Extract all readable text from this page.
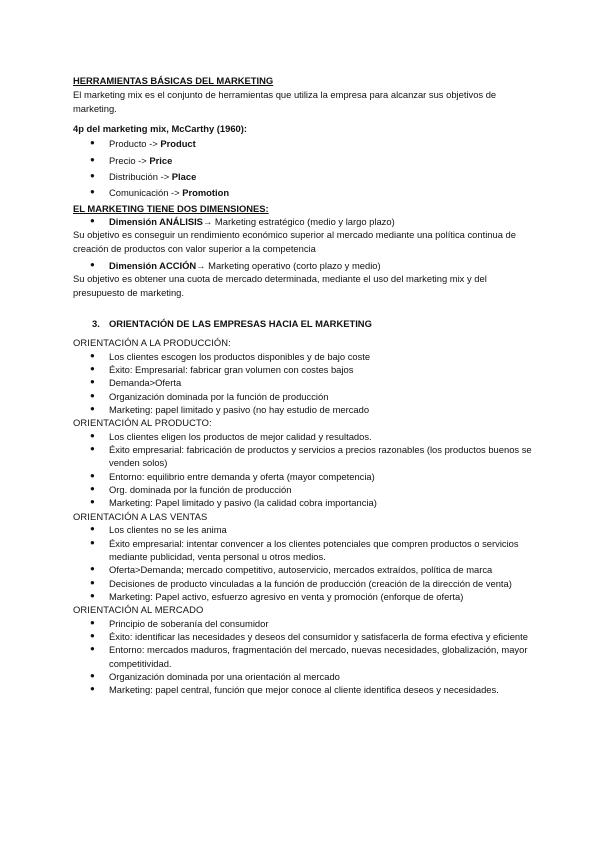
HERRAMIENTAS BÁSICAS DEL MARKETING

El marketing mix es el conjunto de herramientas que utiliza la empresa para alcanzar sus objetivos de marketing.

4p del marketing mix, McCarthy (1960):

● Producto -> Product
● Precio -> Price
● Distribución -> Place
● Comunicación -> Promotion

EL MARKETING TIENE DOS DIMENSIONES:

● Dimensión ANÁLISIS→ Marketing estratégico (medio y largo plazo)

Su objetivo es conseguir un rendimiento económico superior al mercado mediante una política continua de creación de productos con valor superior a la competencia

● Dimensión ACCIÓN→ Marketing operativo (corto plazo y medio)

Su objetivo es obtener una cuota de mercado determinada, mediante el uso del marketing mix y del presupuesto de marketing.

3. ORIENTACIÓN DE LAS EMPRESAS HACIA EL MARKETING

ORIENTACIÓN A LA PRODUCCIÓN:

● Los clientes escogen los productos disponibles y de bajo coste
● Éxito: Empresarial: fabricar gran volumen con costes bajos
● Demanda>Oferta
● Organización dominada por la función de producción
● Marketing: papel limitado y pasivo (no hay estudio de mercado

ORIENTACIÓN AL PRODUCTO:

● Los clientes eligen los productos de mejor calidad y resultados.
● Éxito empresarial: fabricación de productos y servicios a precios razonables (los productos buenos se venden solos)
● Entorno: equilibrio entre demanda y oferta (mayor competencia)
● Org. dominada por la función de producción
● Marketing: Papel limitado y pasivo (la calidad cobra importancia)

ORIENTACIÓN A LAS VENTAS

● Los clientes no se les anima
● Éxito empresarial: intentar convencer a los clientes potenciales que compren productos o servicios mediante publicidad, venta personal u otros medios.
● Oferta>Demanda; mercado competitivo, autoservicio, mercados extraídos, política de marca
● Decisiones de producto vinculadas a la función de producción (creación de la dirección de venta)
● Marketing: Papel activo, esfuerzo agresivo en venta y promoción (enforque de oferta)

ORIENTACIÓN AL MERCADO

● Principio de soberanía del consumidor
● Éxito: identificar las necesidades y deseos del consumidor y satisfacerla de forma efectiva y eficiente
● Entorno: mercados maduros, fragmentación del mercado, nuevas necesidades, globalización, mayor competitividad.
● Organización dominada por una orientación al mercado
● Marketing: papel central, función que mejor conoce al cliente identifica deseos y necesidades.
